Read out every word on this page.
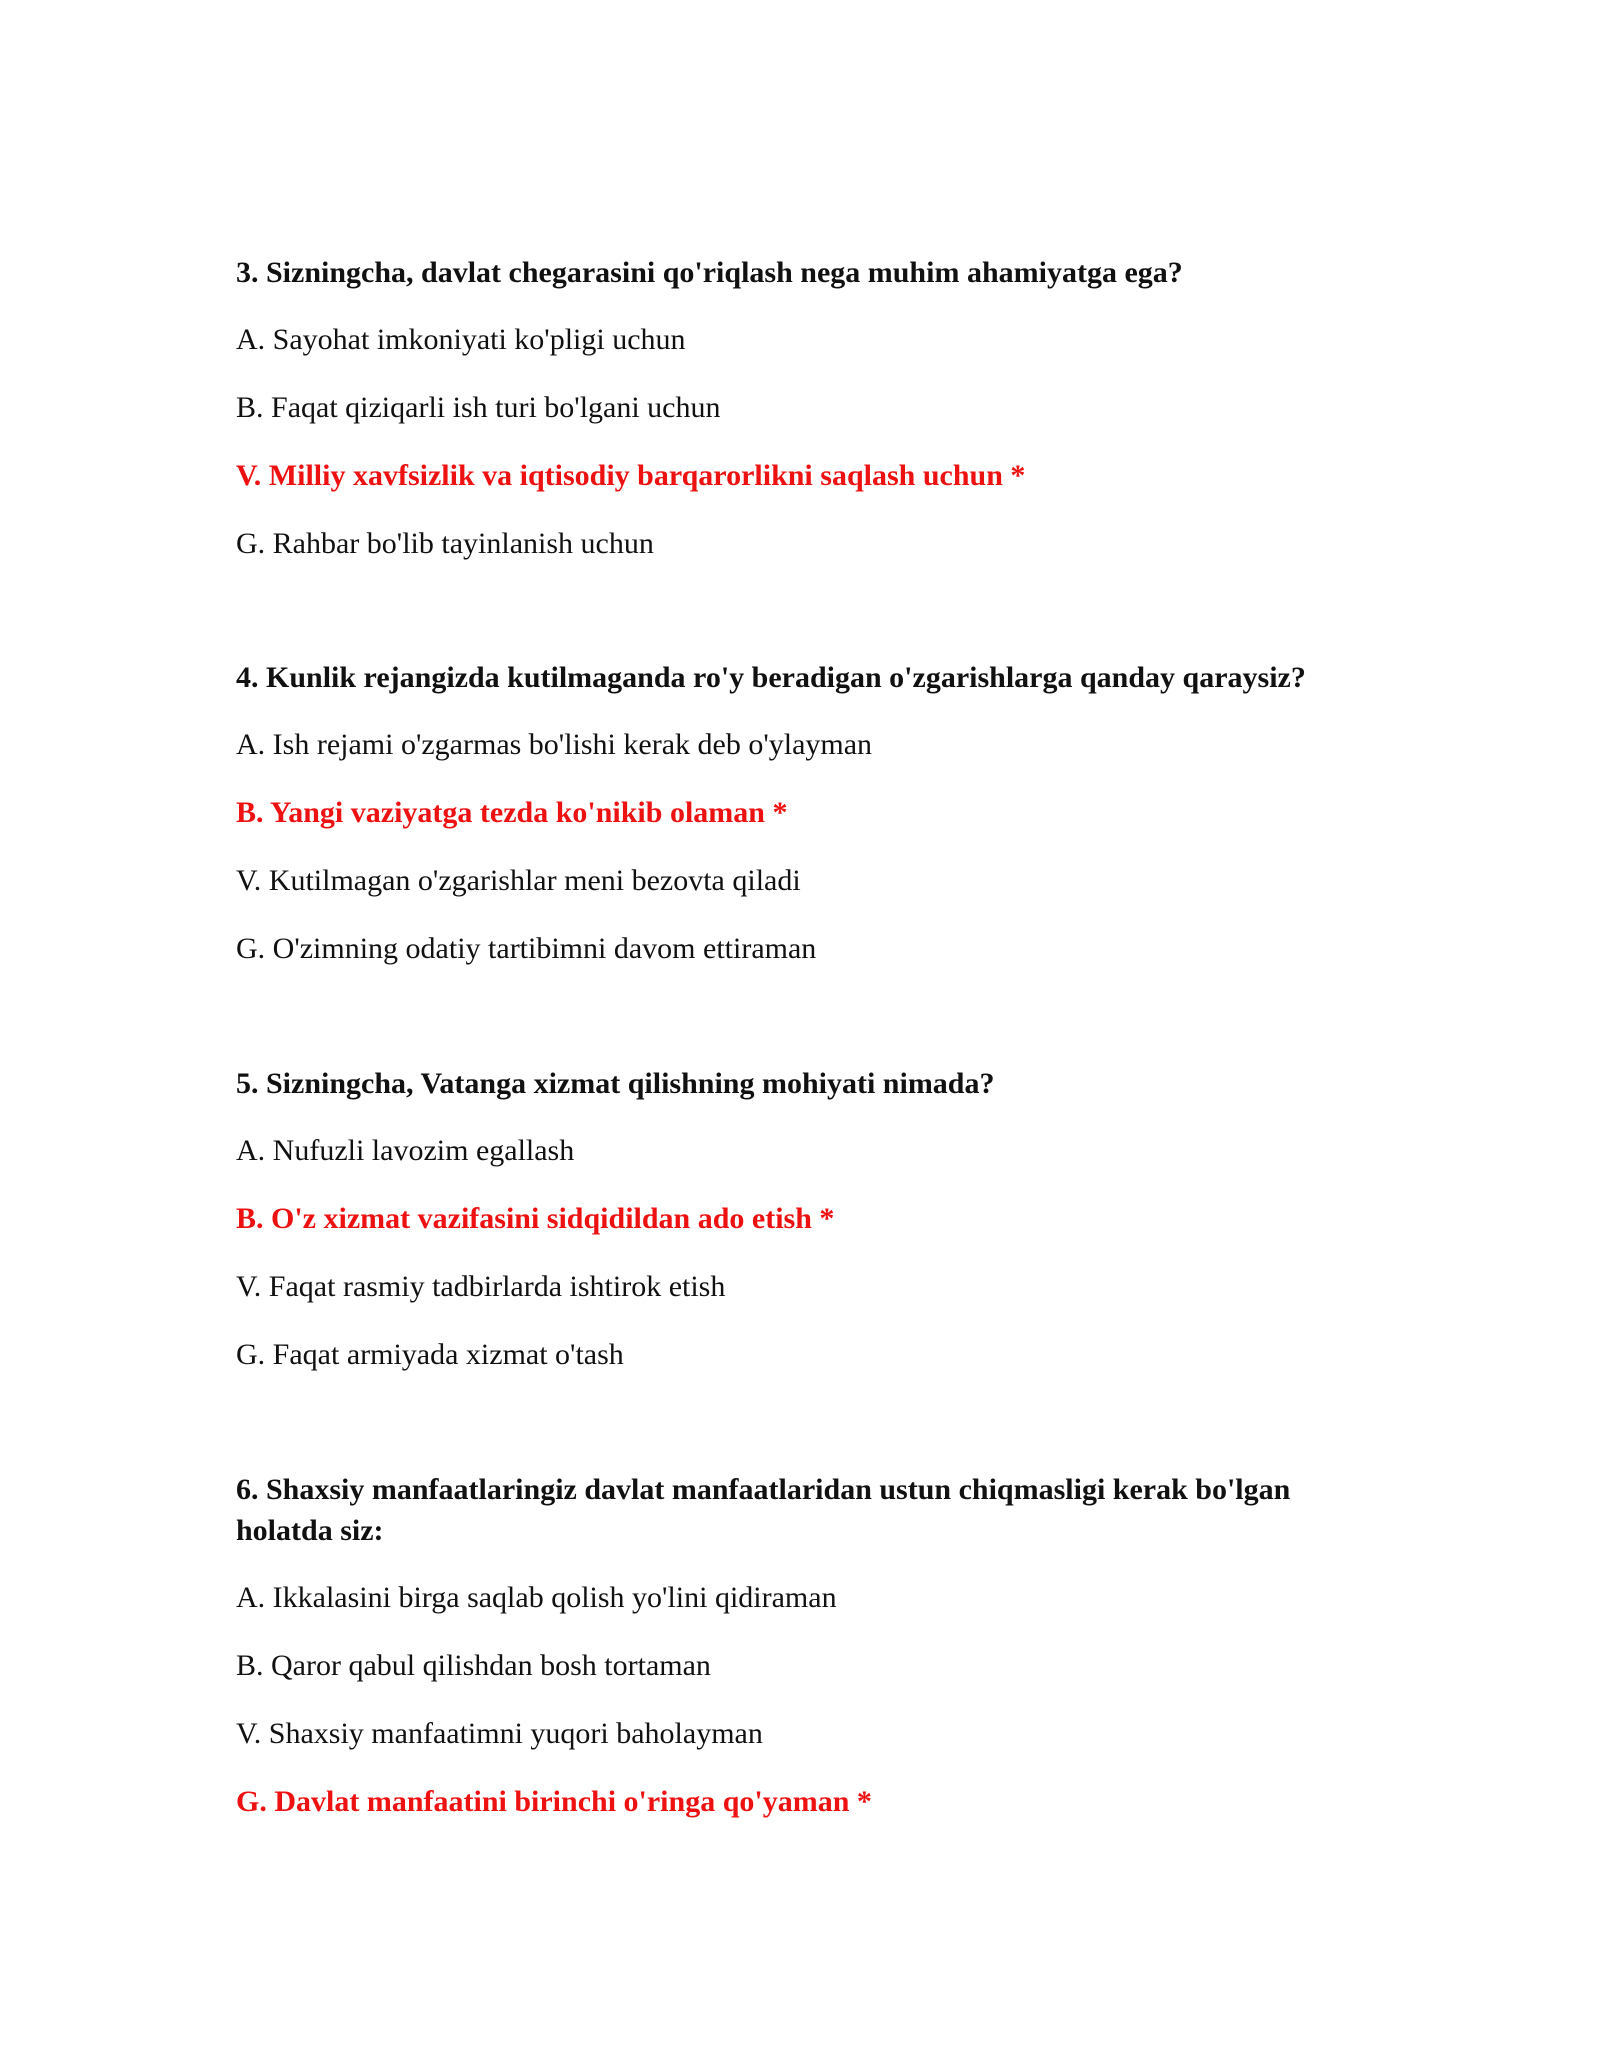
3. Sizningcha, davlat chegarasini qo'riqlash nega muhim ahamiyatga ega?

A. Sayohat imkoniyati ko'pligi uchun

B. Faqat qiziqarli ish turi bo'lgani uchun

V. Milliy xavfsizlik va iqtisodiy barqarorlikni saqlash uchun *

G. Rahbar bo'lib tayinlanish uchun

4. Kunlik rejangizda kutilmaganda ro'y beradigan o'zgarishlarga qanday qaraysiz?

A. Ish rejami o'zgarmas bo'lishi kerak deb o'ylayman

B. Yangi vaziyatga tezda ko'nikib olaman *

V. Kutilmagan o'zgarishlar meni bezovta qiladi

G. O'zimning odatiy tartibimni davom ettiraman

5. Sizningcha, Vatanga xizmat qilishning mohiyati nimada?

A. Nufuzli lavozim egallash

B. O'z xizmat vazifasini sidqidildan ado etish *

V. Faqat rasmiy tadbirlarda ishtirok etish

G. Faqat armiyada xizmat o'tash

6. Shaxsiy manfaatlaringiz davlat manfaatlaridan ustun chiqmasligi kerak bo'lgan holatda siz:

A. Ikkalasini birga saqlab qolish yo'lini qidiraman

B. Qaror qabul qilishdan bosh tortaman

V. Shaxsiy manfaatimni yuqori baholayman

G. Davlat manfaatini birinchi o'ringa qo'yaman *
